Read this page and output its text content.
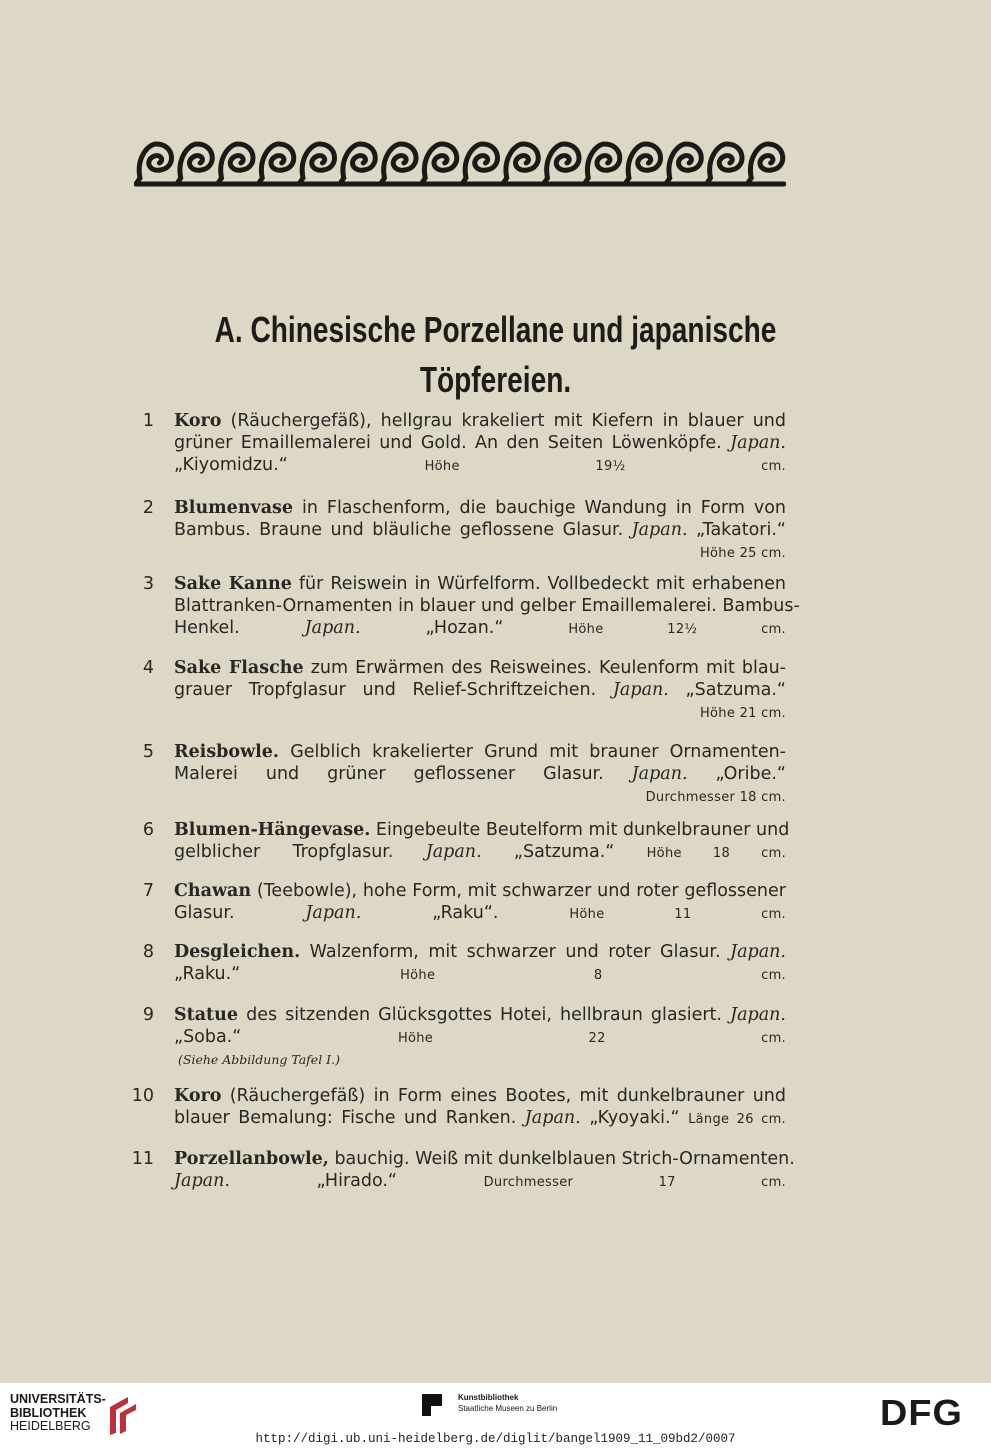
A. Chinesische Porzellane und japanische
Töpfereien.
1 Koro (Räuchergefäß), hellgrau krakeliert mit Kiefern in blauer und
grüner Emaillemalerei und Gold. An den Seiten Löwenköpfe. Japan.
„Kiyomidzu.“	Höhe 19½ cm.
2 Blumenvase in Flaschenform, die bauchige Wandung in Form von
Bambus. Braune und bläuliche geflossene Glasur. Japan. „Takatori.“
Höhe 25 cm.
3 Sake Kanne für Reiswein in Würfelform. Vollbedeckt mit erhabenen
Blattranken-Ornamenten in blauer und gelber Emaillemalerei. Bambus-
Henkel. Japan. „Hozan.“	Höhe 12½ cm.
4 Sake Flasche zum Erwärmen des Reisweines. Keulenform mit blau-
grauer Tropfglasur und Relief-Schriftzeichen. Japan. „Satzuma.“
Höhe 21 cm.
5 Reisbowle. Gelblich krakelierter Grund mit brauner Ornamenten-
Malerei und grüner geflossener Glasur. Japan. „Oribe.“
Durchmesser 18 cm.
6 Blumen-Hängevase. Eingebeulte Beutelform mit dunkelbrauner und
gelblicher Tropfglasur. Japan. „Satzuma.“ Höhe 18 cm.
7 Chawan (Teebowle), hohe Form, mit schwarzer und roter geflossener
Glasur. Japan. „Raku“.	Höhe 11 cm.
8 Desgleichen. Walzenform, mit schwarzer und roter Glasur. Japan.
„Raku.“	Höhe 8 cm.
9 Statue des sitzenden Glücksgottes Hotei, hellbraun glasiert. Japan.
„Soba.“	Höhe 22 cm.
(Siehe Abbildung Tafel I.)
10 Koro (Räuchergefäß) in Form eines Bootes, mit dunkelbrauner und
blauer Bemalung: Fische und Ranken. Japan. „Kyoyaki.“ Länge 26 cm.
11 Porzellanbowle, bauchig. Weiß mit dunkelblauen Strich-Ornamenten.
Japan. „Hirado.“	Durchmesser 17 cm.
UNIVERSITÄTS-
BIBLIOTHEK
HEIDELBERG
Kunstbibliothek
Staatliche Museen zu Berlin
http://digi.ub.uni-heidelberg.de/diglit/bangel1909_11_09bd2/0007
DFG
